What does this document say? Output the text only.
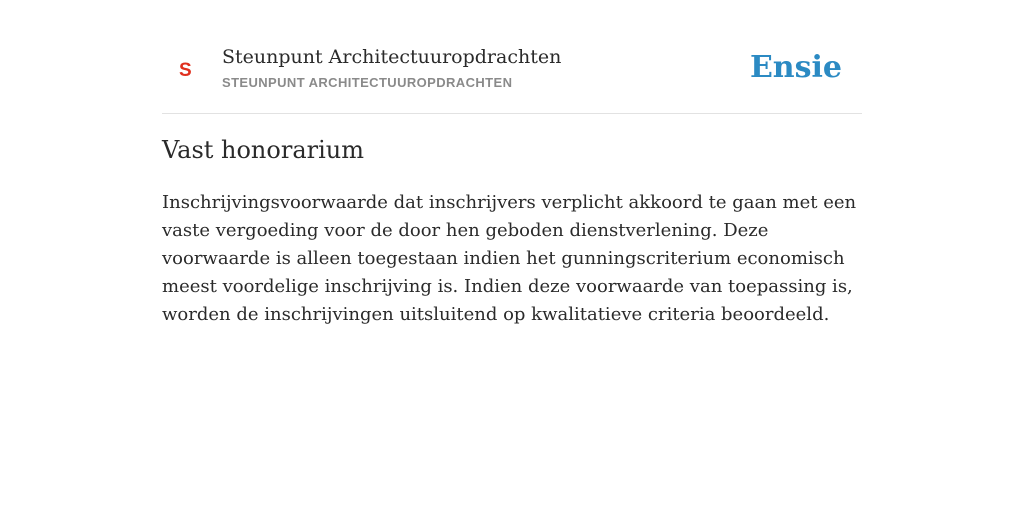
S
Steunpunt Architectuuropdrachten
STEUNPUNT ARCHITECTUUROPDRACHTEN	Ensie
Vast honorarium

Inschrijvingsvoorwaarde dat inschrijvers verplicht akkoord te gaan met een vaste vergoeding voor de door hen geboden dienstverlening. Deze voorwaarde is alleen toegestaan indien het gunningscriterium economisch meest voordelige inschrijving is. Indien deze voorwaarde van toepassing is, worden de inschrijvingen uitsluitend op kwalitatieve criteria beoordeeld.
